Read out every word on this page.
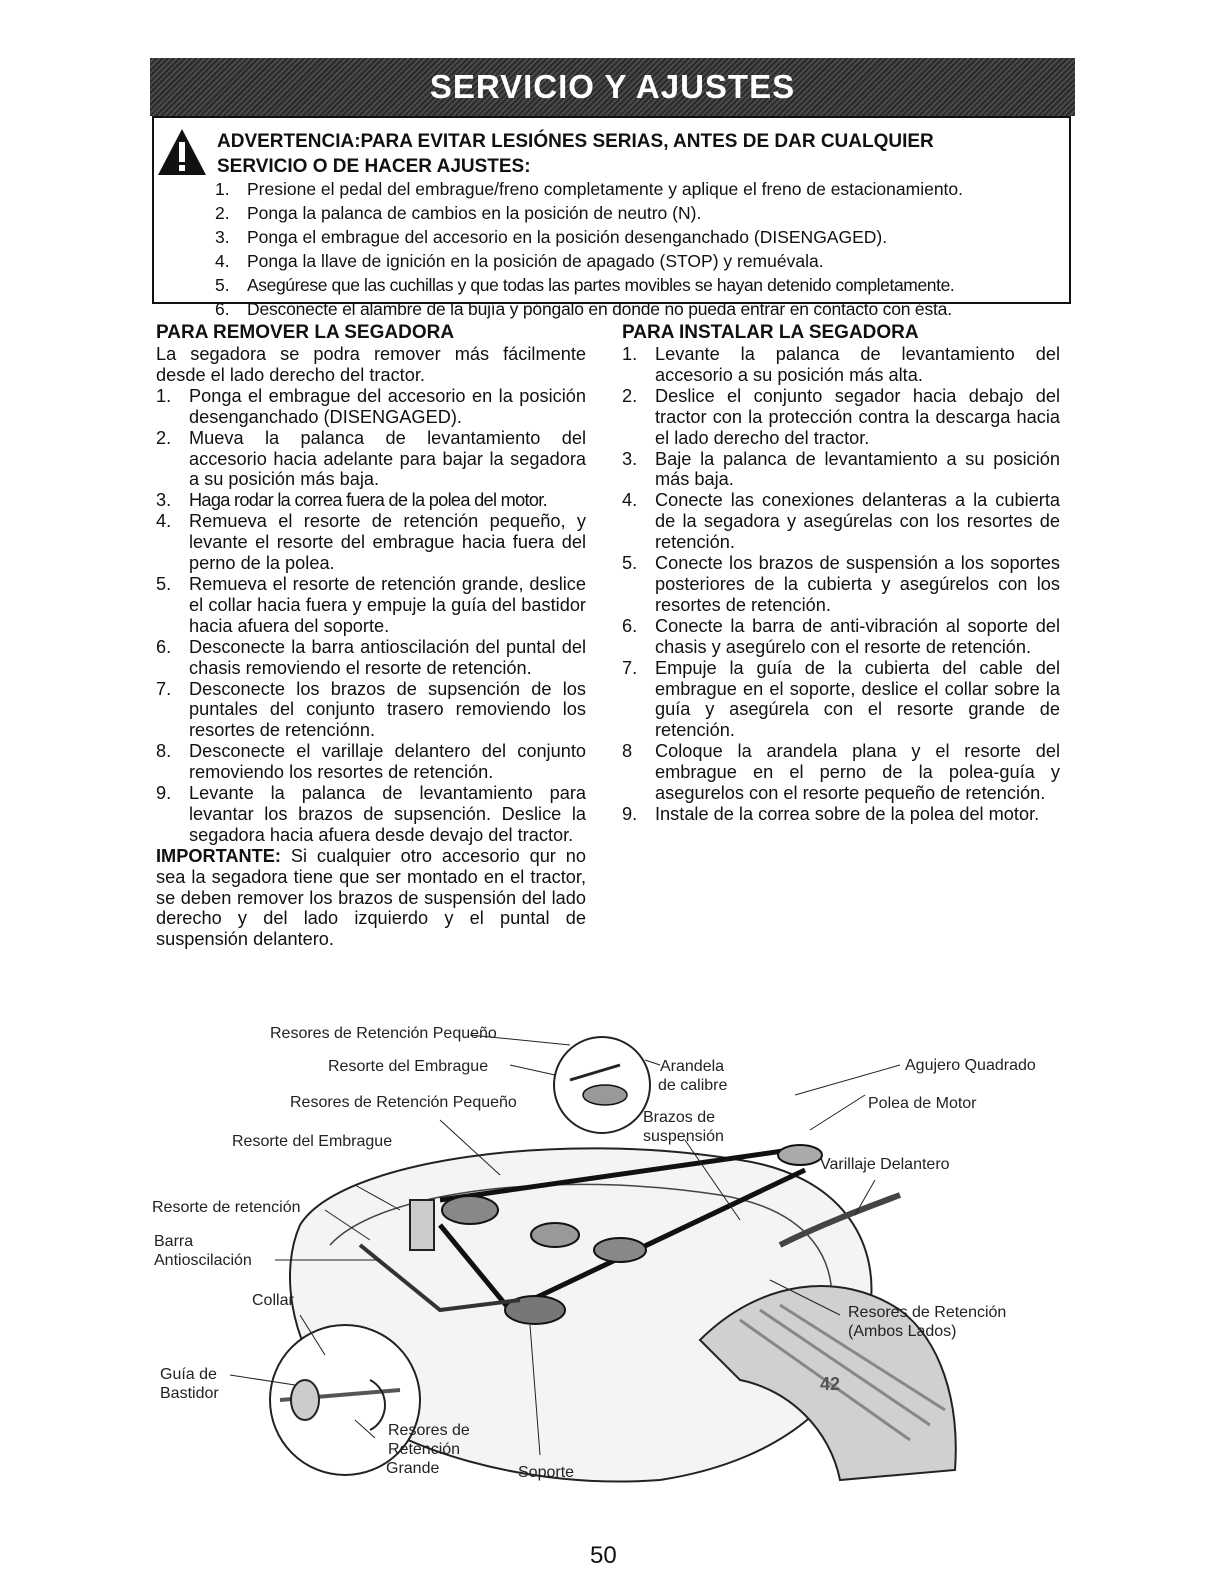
SERVICIO Y AJUSTES
ADVERTENCIA:PARA EVITAR LESIÓNES SERIAS, ANTES DE DAR CUALQUIER
SERVICIO O DE HACER AJUSTES:
1. Presione el pedal del embrague/freno completamente y aplique el freno de estacionamiento.
2. Ponga la palanca de cambios en la posición de neutro (N).
3. Ponga el embrague del accesorio en la posición desenganchado (DISENGAGED).
4. Ponga la llave de ignición en la posición de apagado (STOP) y remuévala.
5. Asegúrese que las cuchillas y que todas las partes movibles se hayan detenido completamente.
6. Desconecte el alambre de la bujía y póngalo en donde no pueda entrar en contacto con ésta.
PARA REMOVER LA SEGADORA

La segadora se podra remover más fácilmente desde el lado derecho del tractor.

1. Ponga el embrague del accesorio en la posición desenganchado (DISENGAGED).
2. Mueva la palanca de levantamiento del accesorio hacia adelante para bajar la segadora a su posición más baja.
3. Haga rodar la correa fuera de la polea del motor.
4. Remueva el resorte de retención pequeño, y levante el resorte del embrague hacia fuera del perno de la polea.
5. Remueva el resorte de retención grande, deslice el collar hacia fuera y empuje la guía del bastidor hacia afuera del soporte.
6. Desconecte la barra antioscilación del puntal del chasis removiendo el resorte de retención.
7. Desconecte los brazos de supsención de los puntales del conjunto trasero removiendo los resortes de retenciónn.
8. Desconecte el varillaje delantero del conjunto removiendo los resortes de retención.
9. Levante la palanca de levantamiento para levantar los brazos de supsención. Deslice la segadora hacia afuera desde devajo del tractor.

IMPORTANTE: Si cualquier otro accesorio qur no sea la segadora tiene que ser montado en el tractor, se deben remover los brazos de suspensión del lado derecho y del lado izquierdo y el puntal de suspensión delantero.

PARA INSTALAR LA SEGADORA
1. Levante la palanca de levantamiento del accesorio a su posición más alta.
2. Deslice el conjunto segador hacia debajo del tractor con la protección contra la descarga hacia el lado derecho del tractor.
3. Baje la palanca de levantamiento a su posición más baja.
4. Conecte las conexiones delanteras a la cubierta de la segadora y asegúrelas con los resortes de retención.
5. Conecte los brazos de suspensión a los soportes posteriores de la cubierta y asegúrelos con los resortes de retención.
6. Conecte la barra de anti-vibración al soporte del chasis y asegúrelo con el resorte de retención.
7. Empuje la guía de la cubierta del cable del embrague en el soporte, deslice el collar sobre la guía y asegúrela con el resorte grande de retención.
8	Coloque la arandela plana y el resorte del embrague en el perno de la polea-guía y asegurelos con el resorte pequeño de retención.
9. Instale de la correa sobre de la polea del motor.
42
Resores de Retención Pequeño
Resorte del Embrague
Resores de Retención Pequeño
Resorte del Embrague
Resorte de retención
Barra
Antioscilación
Collar
Guía de
Bastidor
Resores de
Retención
Grande	Soporte
Arandela
de calibre
Brazos de
suspensión
Agujero Quadrado
Polea de Motor
Varillaje Delantero
Resores de Retención
(Ambos Lados)
50
